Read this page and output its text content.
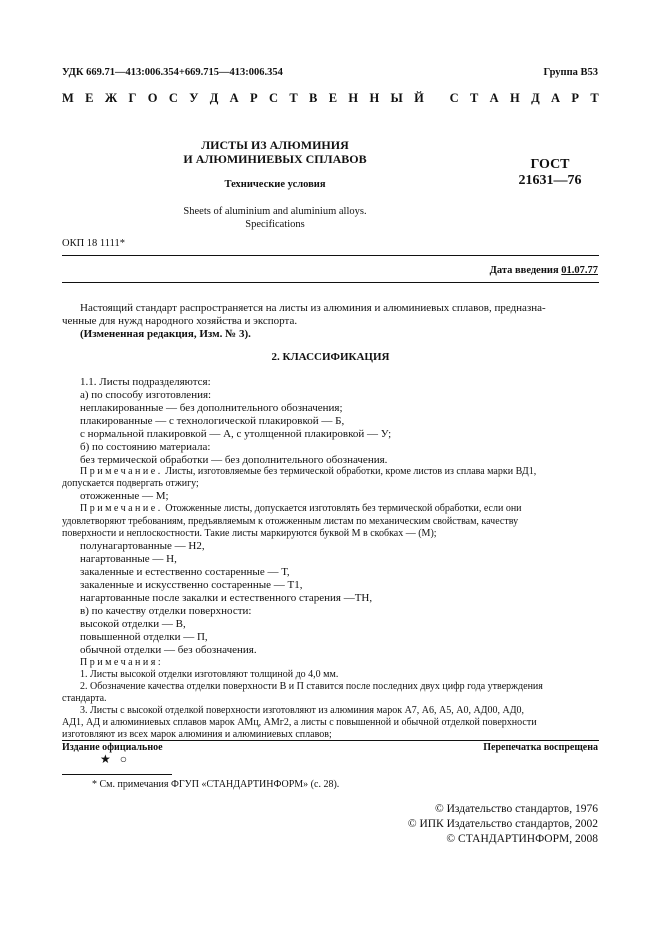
УДК 669.71—413:006.354+669.715—413:006.354	Группа В53
М Е Ж Г О С У Д А Р С Т В Е Н Н Ы Й
С Т А Н Д А Р Т
ЛИСТЫ ИЗ АЛЮМИНИЯ
И АЛЮМИНИЕВЫХ СПЛАВОВ
Технические условия
Sheets of aluminium and aluminium alloys.
Specifications
ГОСТ
21631—76
ОКП 18 1111*
Дата введения 01.07.77
Настоящий стандарт распространяется на листы из алюминия и алюминиевых сплавов, предназна-
ченные для нужд народного хозяйства и экспорта.
(Измененная редакция, Изм. № 3).
2. КЛАССИФИКАЦИЯ
1.1. Листы подразделяются:
а) по способу изготовления:
неплакированные — без дополнительного обозначения;
плакированные — с технологической плакировкой — Б,
с нормальной плакировкой — А, с утолщенной плакировкой — У;
б) по состоянию материала:
без термической обработки — без дополнительного обозначения.
Примечание. Листы, изготовляемые без термической обработки, кроме листов из сплава марки ВД1,
допускается подвергать отжигу;
отожженные — М;
Примечание. Отожженные листы, допускается изготовлять без термической обработки, если они
удовлетворяют требованиям, предъявляемым к отожженным листам по механическим свойствам, качеству
поверхности и неплоскостности. Такие листы маркируются буквой М в скобках — (М);
полунагартованные — Н2,
нагартованные — Н,
закаленные и естественно состаренные — Т,
закаленные и искусственно состаренные — Т1,
нагартованные после закалки и естественного старения —ТН,
в) по качеству отделки поверхности:
высокой отделки — В,
повышенной отделки — П,
обычной отделки — без обозначения.
Примечания:
1. Листы высокой отделки изготовляют толщиной до 4,0 мм.
2. Обозначение качества отделки поверхности В и П ставится после последних двух цифр года утверждения
стандарта.
3. Листы с высокой отделкой поверхности изготовляют из алюминия марок А7, А6, А5, А0, АД00, АД0,
АД1, АД и алюминиевых сплавов марок АМц, АМг2, а листы с повышенной и обычной отделкой поверхности
изготовляют из всех марок алюминия и алюминиевых сплавов;
Издание официальное	Перепечатка воспрещена
★ ○
* См. примечания ФГУП «СТАНДАРТИНФОРМ» (с. 28).
© Издательство стандартов, 1976
© ИПК Издательство стандартов, 2002
© СТАНДАРТИНФОРМ, 2008
